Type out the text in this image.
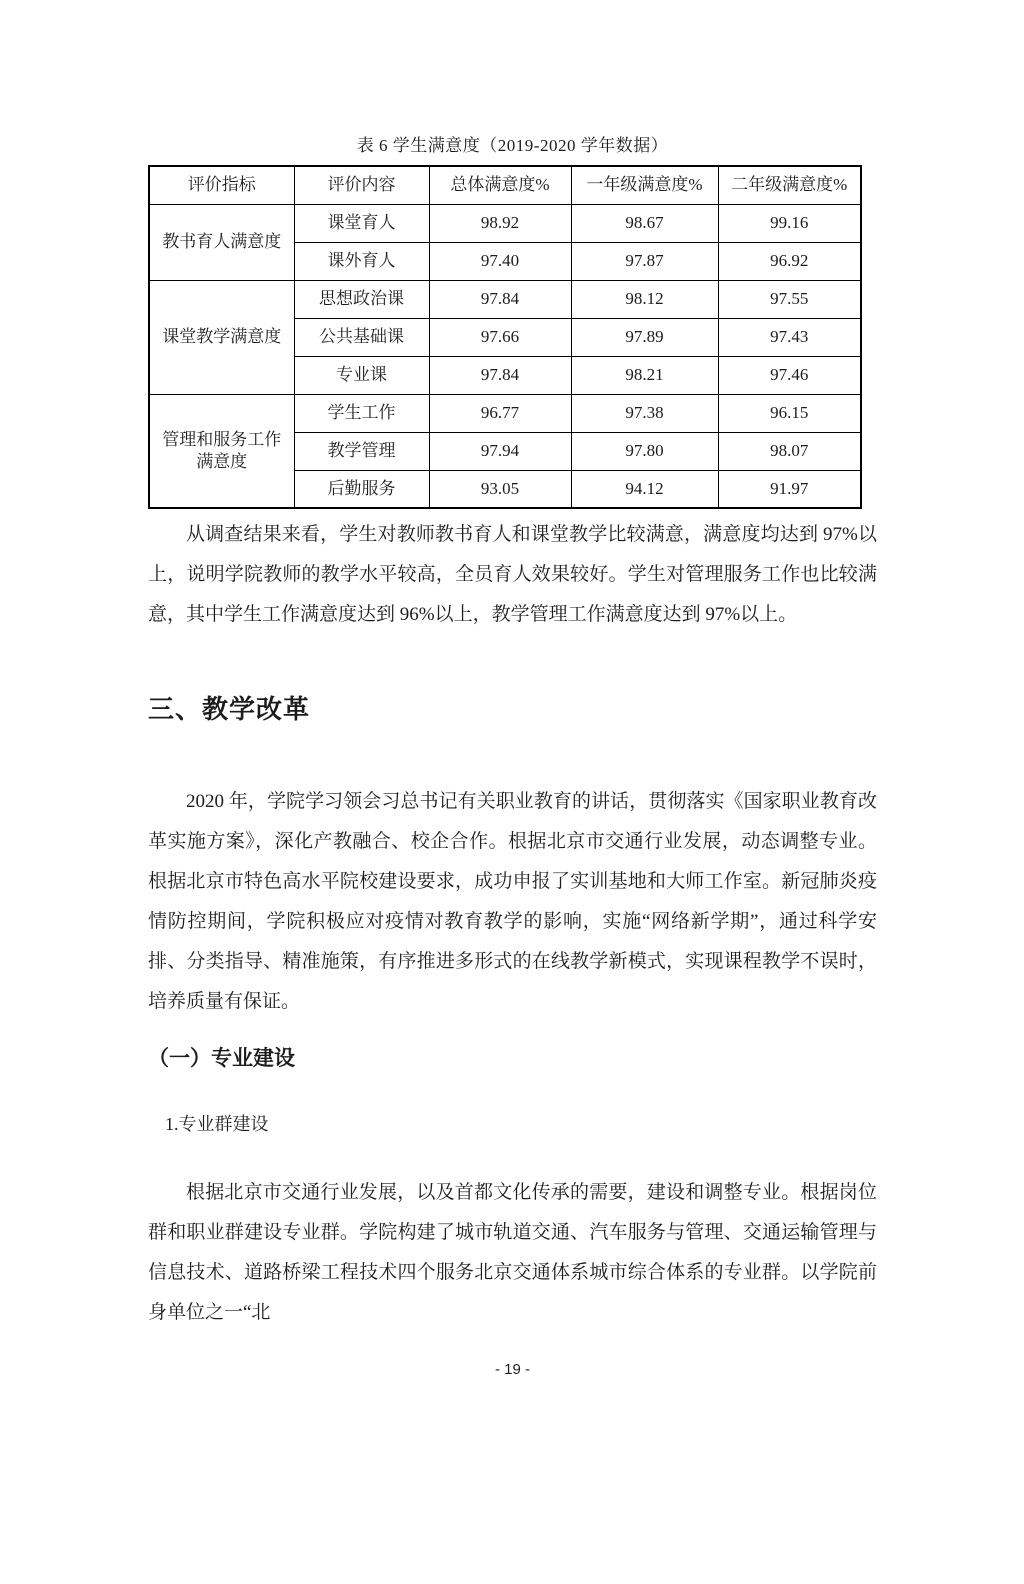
表 6 学生满意度（2019-2020 学年数据）
评价指标	评价内容	总体满意度%	一年级满意度%	二年级满意度%
教书育人满意度	课堂育人	98.92	98.67	99.16
	课外育人	97.40	97.87	96.92
课堂教学满意度	思想政治课	97.84	98.12	97.55
	公共基础课	97.66	97.89	97.43
	专业课	97.84	98.21	97.46
管理和服务工作满意度	学生工作	96.77	97.38	96.15
	教学管理	97.94	97.80	98.07
	后勤服务	93.05	94.12	91.97

从调查结果来看，学生对教师教书育人和课堂教学比较满意，满意度均达到 97%以上，说明学院教师的教学水平较高，全员育人效果较好。学生对管理服务工作也比较满意，其中学生工作满意度达到 96%以上，教学管理工作满意度达到 97%以上。

三、教学改革

2020 年，学院学习领会习总书记有关职业教育的讲话，贯彻落实《国家职业教育改革实施方案》，深化产教融合、校企合作。根据北京市交通行业发展，动态调整专业。根据北京市特色高水平院校建设要求，成功申报了实训基地和大师工作室。新冠肺炎疫情防控期间，学院积极应对疫情对教育教学的影响，实施“网络新学期”，通过科学安排、分类指导、精准施策，有序推进多形式的在线教学新模式，实现课程教学不误时，培养质量有保证。

（一）专业建设
1.专业群建设

根据北京市交通行业发展，以及首都文化传承的需要，建设和调整专业。根据岗位群和职业群建设专业群。学院构建了城市轨道交通、汽车服务与管理、交通运输管理与信息技术、道路桥梁工程技术四个服务北京交通体系城市综合体系的专业群。以学院前身单位之一“北

- 19 -
